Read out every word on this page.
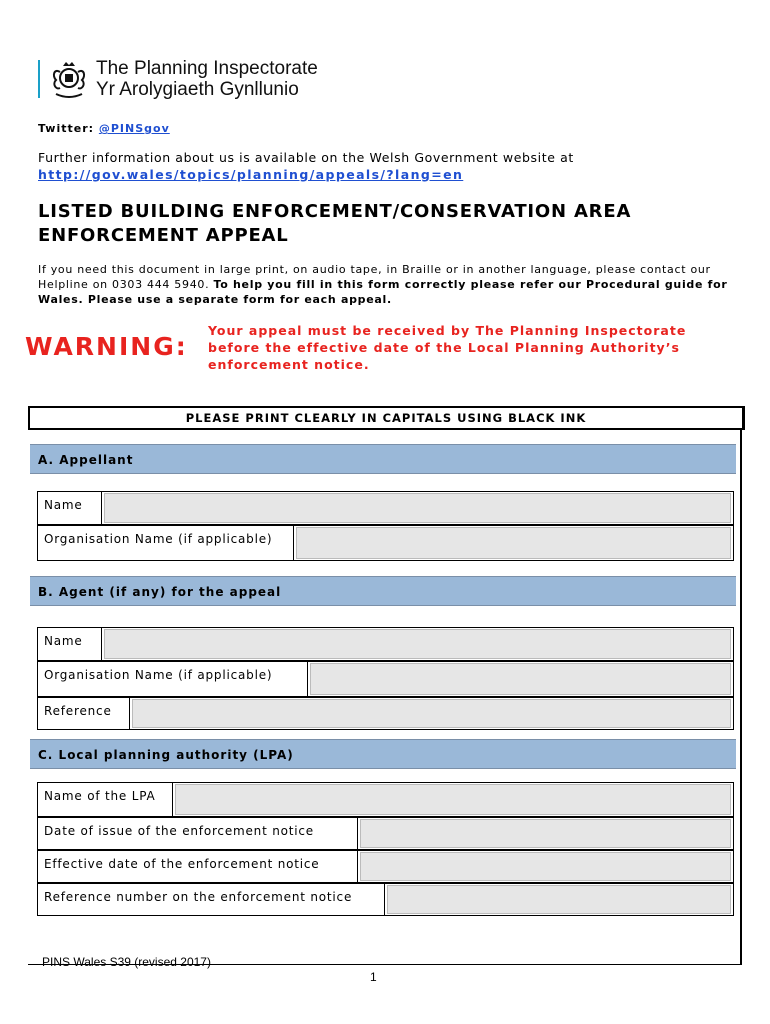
The Planning Inspectorate
Yr Arolygiaeth Gynllunio
Twitter: @PINSgov
Further information about us is available on the Welsh Government website at
http://gov.wales/topics/planning/appeals/?lang=en
LISTED BUILDING ENFORCEMENT/CONSERVATION AREA
ENFORCEMENT APPEAL
If you need this document in large print, on audio tape, in Braille or in another language, please contact our Helpline on 0303 444 5940. To help you fill in this form correctly please refer our Procedural guide for Wales. Please use a separate form for each appeal.
WARNING:
Your appeal must be received by The Planning Inspectorate before the effective date of the Local Planning Authority’s enforcement notice.
PLEASE PRINT CLEARLY IN CAPITALS USING BLACK INK
A. Appellant
Name
Organisation Name (if applicable)
B. Agent (if any) for the appeal
Name
Organisation Name (if applicable)
Reference
C. Local planning authority (LPA)
Name of the LPA
Date of issue of the enforcement notice
Effective date of the enforcement notice
Reference number on the enforcement notice
PINS Wales S39 (revised 2017)
1
